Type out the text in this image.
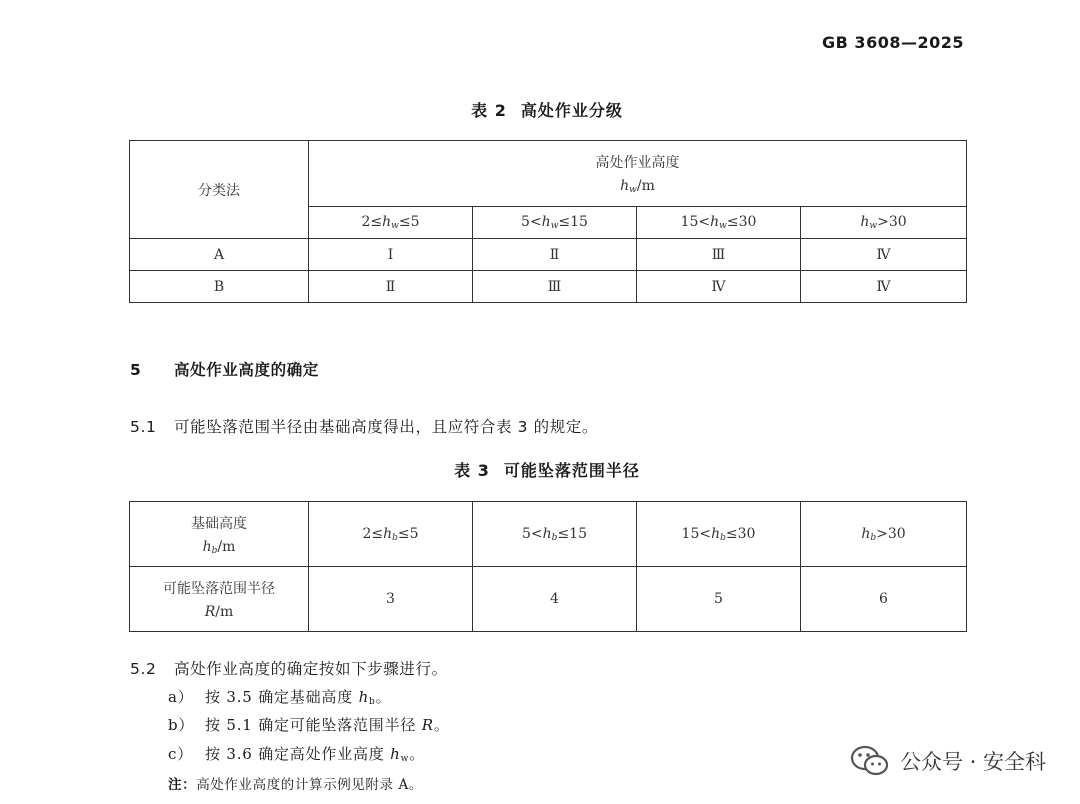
GB 3608—2025
表 2 高处作业分级
分类法	高处作业高度
$h_w/m$			

	$2\le h_w\le 5$	$5<h_w\le 15$	$15<h_w\le 30$	$h_w>30$
A	Ⅰ	Ⅱ	Ⅲ	Ⅳ
B	Ⅱ	Ⅲ	Ⅳ	Ⅳ
5 高处作业高度的确定
5.1 可能坠落范围半径由基础高度得出，且应符合表 3 的规定。
表 3 可能坠落范围半径
基础高度
$h_b/m$	$2\le h_b\le 5$	$5<h_b\le 15$	$15<h_b\le 30$	$h_b>30$

可能坠落范围半径
R/m	3	4	5	6
5.2 高处作业高度的确定按如下步骤进行。
a） 按 3.5 确定基础高度 $h_b$。
b） 按 5.1 确定可能坠落范围半径 R。
c） 按 3.6 确定高处作业高度 $h_w$。
注：高处作业高度的计算示例见附录 A。
公众号 · 安全科
